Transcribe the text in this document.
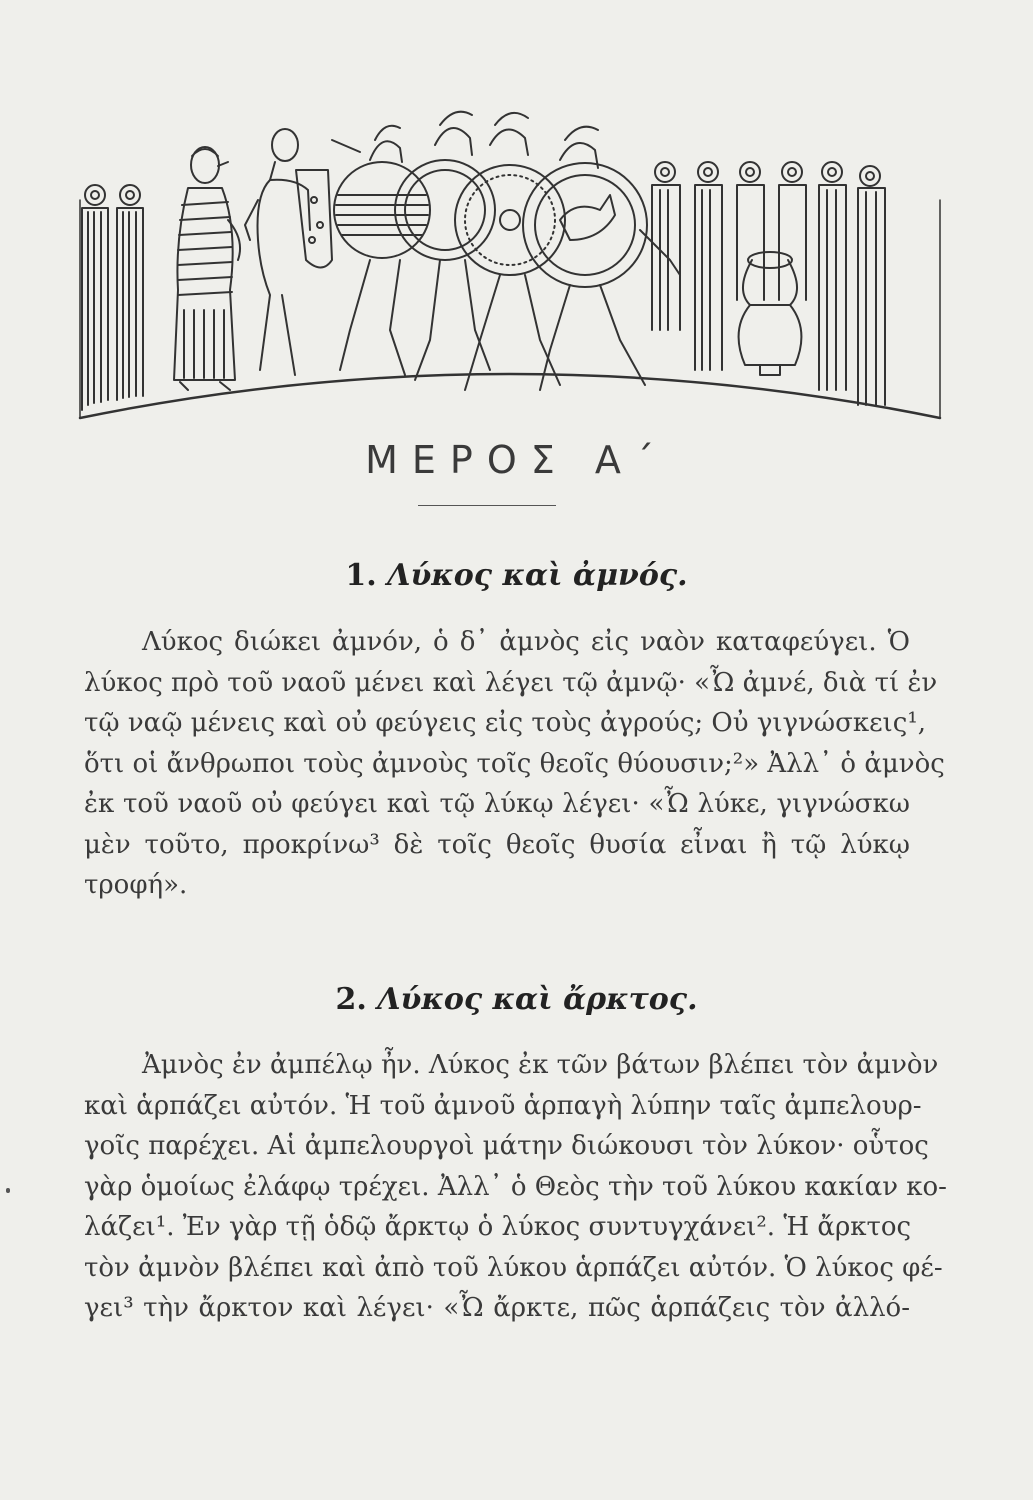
ΜΕΡΟΣ Α΄
1. Λύκος καὶ ἀμνός.
Λύκος διώκει ἀμνόν, ὁ δ᾽ ἀμνὸς εἰς ναὸν καταφεύγει. Ὁ
λύκος πρὸ τοῦ ναοῦ μένει καὶ λέγει τῷ ἀμνῷ· «Ὦ ἀμνέ, διὰ τί ἐν
τῷ ναῷ μένεις καὶ οὐ φεύγεις εἰς τοὺς ἀγρούς; Οὐ γιγνώσκεις¹,
ὅτι οἱ ἄνθρωποι τοὺς ἀμνοὺς τοῖς θεοῖς θύουσιν;²» Ἀλλ᾽ ὁ ἀμνὸς
ἐκ τοῦ ναοῦ οὐ φεύγει καὶ τῷ λύκῳ λέγει· «Ὦ λύκε, γιγνώσκω
μὲν τοῦτο, προκρίνω³ δὲ τοῖς θεοῖς θυσία εἶναι ἢ τῷ λύκῳ
τροφή».
2. Λύκος καὶ ἄρκτος.
Ἀμνὸς ἐν ἀμπέλῳ ἦν. Λύκος ἐκ τῶν βάτων βλέπει τὸν ἀμνὸν
καὶ ἁρπάζει αὐτόν. Ἡ τοῦ ἀμνοῦ ἁρπαγὴ λύπην ταῖς ἀμπελουρ-
γοῖς παρέχει. Αἱ ἀμπελουργοὶ μάτην διώκουσι τὸν λύκον· οὗτος
γὰρ ὁμοίως ἐλάφῳ τρέχει. Ἀλλ᾽ ὁ Θεὸς τὴν τοῦ λύκου κακίαν κο-
λάζει¹. Ἐν γὰρ τῇ ὁδῷ ἄρκτῳ ὁ λύκος συντυγχάνει². Ἡ ἄρκτος
τὸν ἀμνὸν βλέπει καὶ ἀπὸ τοῦ λύκου ἁρπάζει αὐτόν. Ὁ λύκος φέ-
γει³ τὴν ἄρκτον καὶ λέγει· «Ὦ ἄρκτε, πῶς ἁρπάζεις τὸν ἀλλό-
